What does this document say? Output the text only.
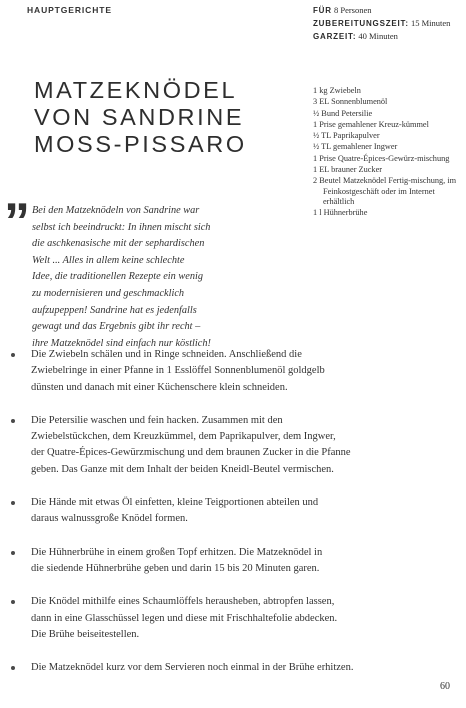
HAUPTGERICHTE	FÜR 8 Personen
ZUBEREITUNGSZEIT: 15 Minuten
GARZEIT: 40 Minuten
MATZEKNÖDEL
VON SANDRINE
MOSS-PISSARO
” Bei den Matzeknödeln von Sandrine war
selbst ich beeindruckt: In ihnen mischt sich
die aschkenasische mit der sephardischen
Welt ... Alles in allem keine schlechte
Idee, die traditionellen Rezepte ein wenig
zu modernisieren und geschmacklich
aufzupeppen! Sandrine hat es jedenfalls
gewagt und das Ergebnis gibt ihr recht –
ihre Matzeknödel sind einfach nur köstlich!
1 kg Zwiebeln
3 EL Sonnenblumenöl
½ Bund Petersilie
1 Prise gemahlener Kreuz-kümmel
½ TL Paprikapulver
½ TL gemahlener Ingwer
1 Prise Quatre-Épices-Gewürz-mischung
1 EL brauner Zucker
2 Beutel Matzeknödel Fertig-mischung, im Feinkostgeschäft oder im Internet erhältlich
1 l Hühnerbrühe
Die Zwiebeln schälen und in Ringe schneiden. Anschließend die
Zwiebelringe in einer Pfanne in 1 Esslöffel Sonnenblumenöl goldgelb
dünsten und danach mit einer Küchenschere klein schneiden.
Die Petersilie waschen und fein hacken. Zusammen mit den
Zwiebelstückchen, dem Kreuzkümmel, dem Paprikapulver, dem Ingwer,
der Quatre-Épices-Gewürzmischung und dem braunen Zucker in die Pfanne
geben. Das Ganze mit dem Inhalt der beiden Kneidl-Beutel vermischen.
Die Hände mit etwas Öl einfetten, kleine Teigportionen abteilen und
daraus walnussgroße Knödel formen.
Die Hühnerbrühe in einem großen Topf erhitzen. Die Matzeknödel in
die siedende Hühnerbrühe geben und darin 15 bis 20 Minuten garen.
Die Knödel mithilfe eines Schaumlöffels herausheben, abtropfen lassen,
dann in eine Glasschüssel legen und diese mit Frischhaltefolie abdecken.
Die Brühe beiseitestellen.
Die Matzeknödel kurz vor dem Servieren noch einmal in der Brühe erhitzen.
60
